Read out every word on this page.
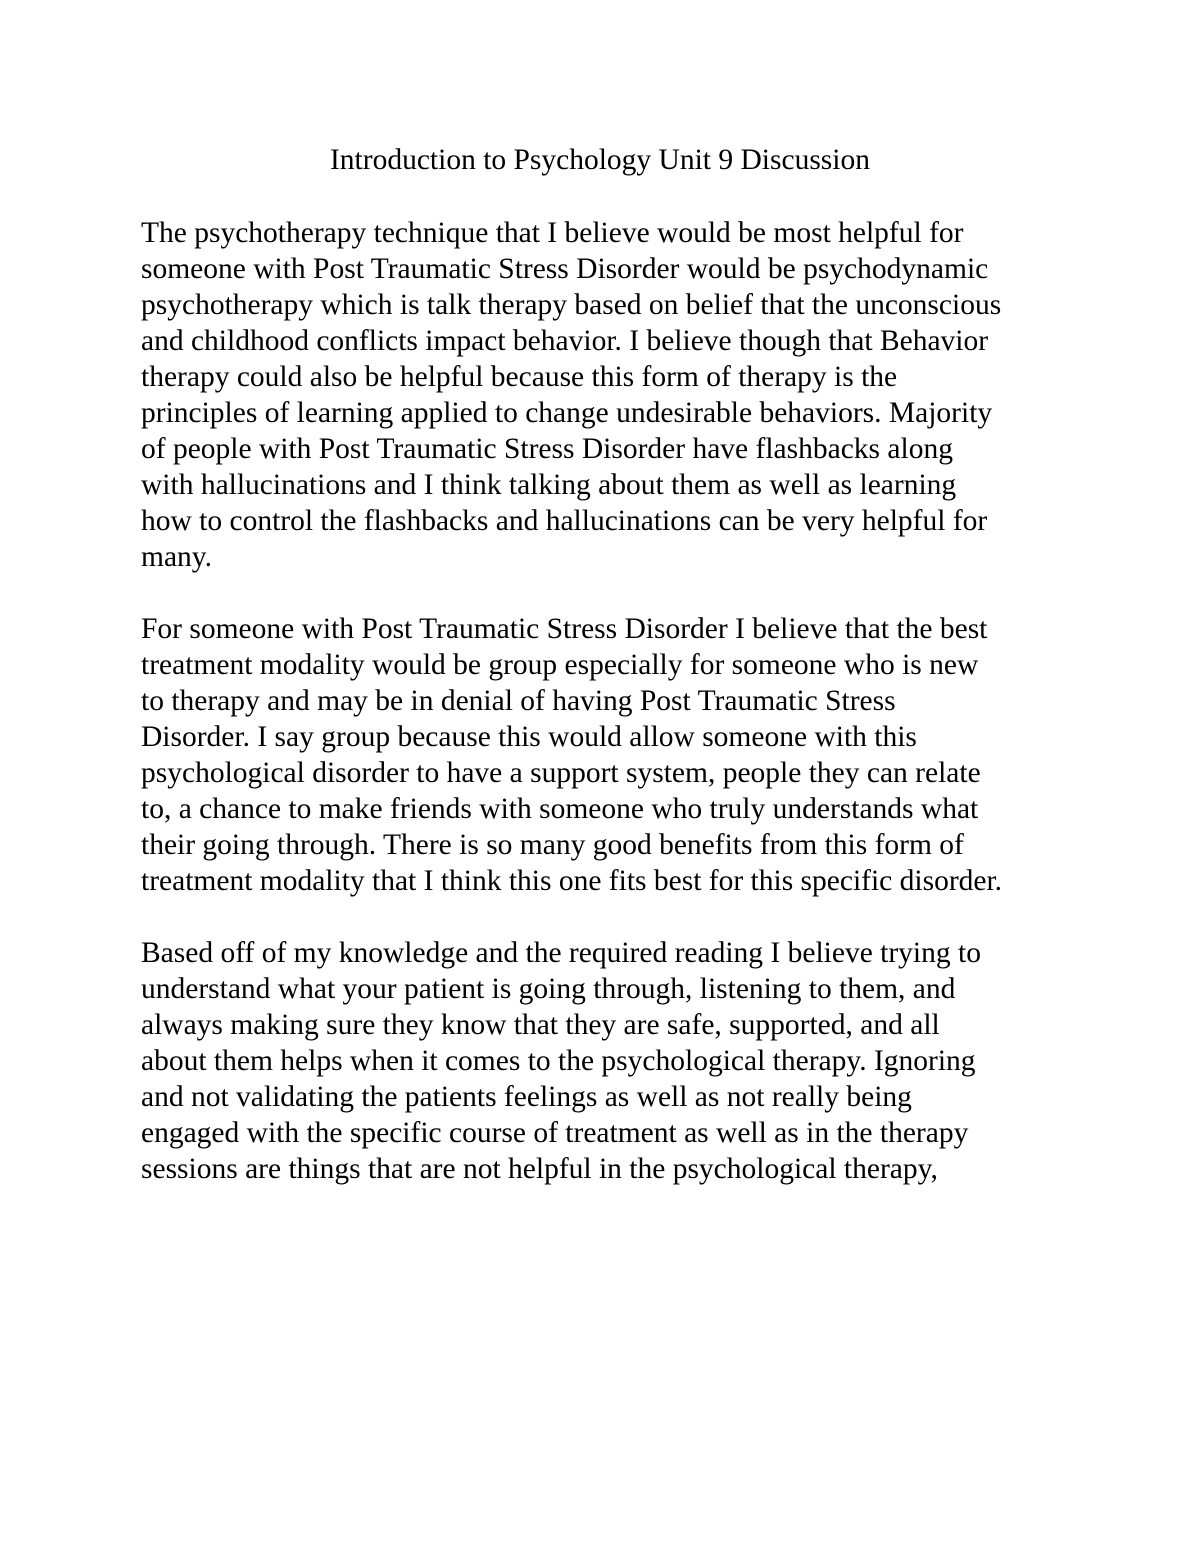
Introduction to Psychology Unit 9 Discussion

The psychotherapy technique that I believe would be most helpful for
someone with Post Traumatic Stress Disorder would be psychodynamic
psychotherapy which is talk therapy based on belief that the unconscious
and childhood conflicts impact behavior. I believe though that Behavior
therapy could also be helpful because this form of therapy is the
principles of learning applied to change undesirable behaviors. Majority
of people with Post Traumatic Stress Disorder have flashbacks along
with hallucinations and I think talking about them as well as learning
how to control the flashbacks and hallucinations can be very helpful for
many.

For someone with Post Traumatic Stress Disorder I believe that the best
treatment modality would be group especially for someone who is new
to therapy and may be in denial of having Post Traumatic Stress
Disorder. I say group because this would allow someone with this
psychological disorder to have a support system, people they can relate
to, a chance to make friends with someone who truly understands what
their going through. There is so many good benefits from this form of
treatment modality that I think this one fits best for this specific disorder.

Based off of my knowledge and the required reading I believe trying to
understand what your patient is going through, listening to them, and
always making sure they know that they are safe, supported, and all
about them helps when it comes to the psychological therapy. Ignoring
and not validating the patients feelings as well as not really being
engaged with the specific course of treatment as well as in the therapy
sessions are things that are not helpful in the psychological therapy,
